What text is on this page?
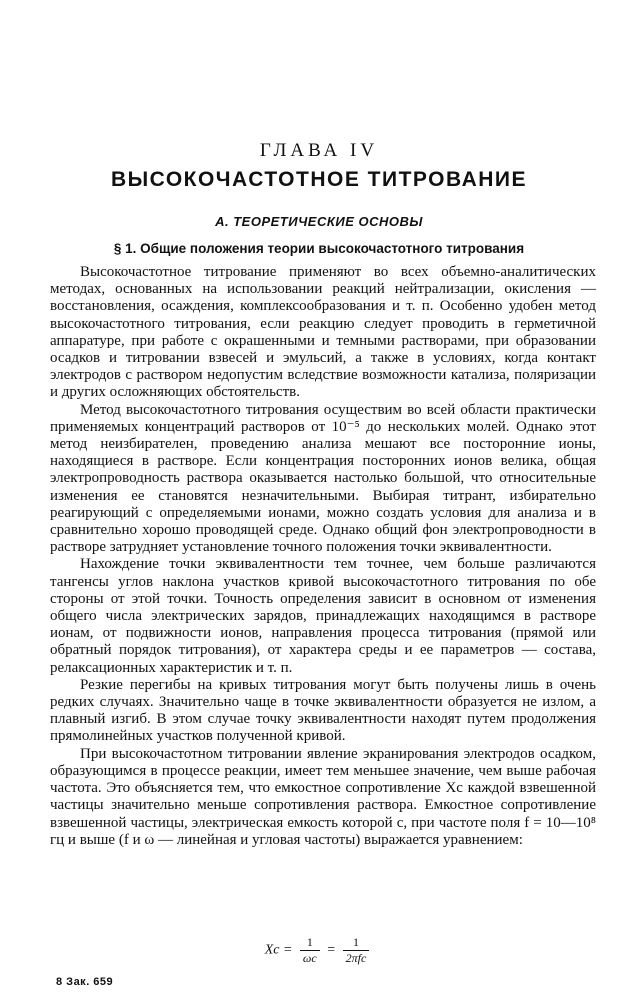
ГЛАВА IV
ВЫСОКОЧАСТОТНОЕ ТИТРОВАНИЕ
А. ТЕОРЕТИЧЕСКИЕ ОСНОВЫ
§ 1. Общие положения теории высокочастотного титрования

Высокочастотное титрование применяют во всех объемно-аналитических методах, основанных на использовании реакций нейтрализации, окисления — восстановления, осаждения, комплексообразования и т. п. Особенно удобен метод высокочастотного титрования, если реакцию следует проводить в герметичной аппаратуре, при работе с окрашенными и темными растворами, при образовании осадков и титровании взвесей и эмульсий, а также в условиях, когда контакт электродов с раствором недопустим вследствие возможности катализа, поляризации и других осложняющих обстоятельств.

Метод высокочастотного титрования осуществим во всей области практически применяемых концентраций растворов от 10⁻⁵ до нескольких молей. Однако этот метод неизбирателен, проведению анализа мешают все посторонние ионы, находящиеся в растворе. Если концентрация посторонних ионов велика, общая электропроводность раствора оказывается настолько большой, что относительные изменения ее становятся незначительными. Выбирая титрант, избирательно реагирующий с определяемыми ионами, можно создать условия для анализа и в сравнительно хорошо проводящей среде. Однако общий фон электропроводности в растворе затрудняет установление точного положения точки эквивалентности.

Нахождение точки эквивалентности тем точнее, чем больше различаются тангенсы углов наклона участков кривой высокочастотного титрования по обе стороны от этой точки. Точность определения зависит в основном от изменения общего числа электрических зарядов, принадлежащих находящимся в растворе ионам, от подвижности ионов, направления процесса титрования (прямой или обратный порядок титрования), от характера среды и ее параметров — состава, релаксационных характеристик и т. п.

Резкие перегибы на кривых титрования могут быть получены лишь в очень редких случаях. Значительно чаще в точке эквивалентности образуется не излом, а плавный изгиб. В этом случае точку эквивалентности находят путем продолжения прямолинейных участков полученной кривой.

При высокочастотном титровании явление экранирования электродов осадком, образующимся в процессе реакции, имеет тем меньшее значение, чем выше рабочая частота. Это объясняется тем, что емкостное сопротивление Xc каждой взвешенной частицы значительно меньше сопротивления раствора. Емкостное сопротивление взвешенной частицы, электрическая емкость которой c, при частоте поля f = 10—10⁸ гц и выше (f и ω — линейная и угловая частоты) выражается уравнением:

$Xc = \frac{1}{\omega c} = \frac{1}{\text{2πfc}}$
8 Зак. 659
